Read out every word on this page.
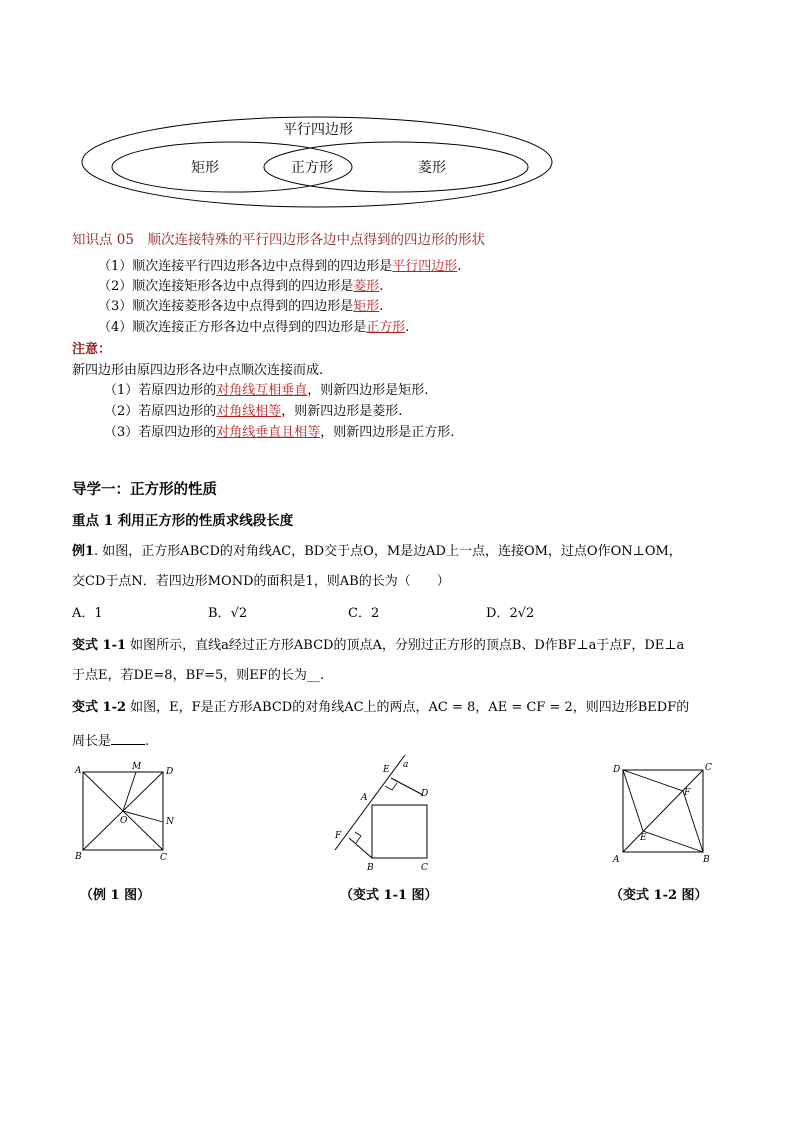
平行四边形
矩形	正方形	菱形
知识点 05　顺次连接特殊的平行四边形各边中点得到的四边形的形状
（1）顺次连接平行四边形各边中点得到的四边形是平行四边形.
（2）顺次连接矩形各边中点得到的四边形是菱形.
（3）顺次连接菱形各边中点得到的四边形是矩形.
（4）顺次连接正方形各边中点得到的四边形是正方形.
注意：
新四边形由原四边形各边中点顺次连接而成.
（1）若原四边形的对角线互相垂直，则新四边形是矩形.
（2）若原四边形的对角线相等，则新四边形是菱形.
（3）若原四边形的对角线垂直且相等，则新四边形是正方形.
导学一：正方形的性质
重点 1 利用正方形的性质求线段长度
例1. 如图，正方形ABCD的对角线AC，BD交于点O，M是边AD上一点，连接OM，过点O作ON⊥OM，
交CD于点N．若四边形MOND的面积是1，则AB的长为（　　）
A．1	B．√2	C．2	D．2√2
变式 1-1 如图所示，直线a经过正方形ABCD的顶点A，分别过正方形的顶点B、D作BF⊥a于点F，DE⊥a
于点E，若DE=8，BF=5，则EF的长为__.
变式 1-2 如图，E，F是正方形ABCD的对角线AC上的两点，AC = 8，AE = CF = 2，则四边形BEDF的
周长是	.
A	M	D
O	N
B	C
E a
A	D
F
B	C
D	C
F
E
A	B
（例 1 图）	（变式 1-1 图）	（变式 1-2 图）
